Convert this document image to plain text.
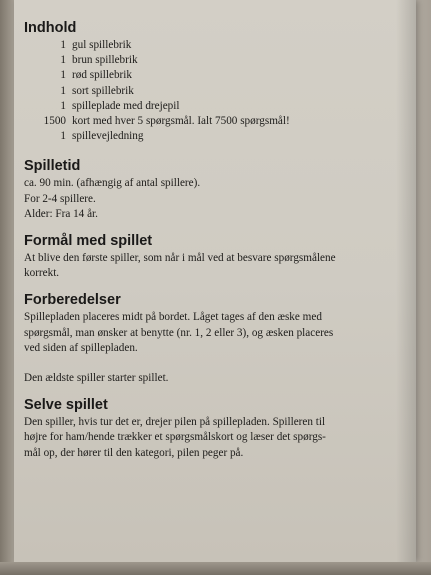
Indhold
1 gul spillebrik
1 brun spillebrik
1 rød spillebrik
1 sort spillebrik
1 spilleplade med drejepil
1500 kort med hver 5 spørgsmål. Ialt 7500 spørgsmål!
1 spillevejledning
Spilletid

ca. 90 min. (afhængig af antal spillere).

For 2-4 spillere.

Alder: Fra 14 år.

Formål med spillet

At blive den første spiller, som når i mål ved at besvare spørgsmålene

korrekt.

Forberedelser

Spillepladen placeres midt på bordet. Låget tages af den æske med

spørgsmål, man ønsker at benytte (nr. 1, 2 eller 3), og æsken placeres

ved siden af spillepladen.

Den ældste spiller starter spillet.

Selve spillet

Den spiller, hvis tur det er, drejer pilen på spillepladen. Spilleren til

højre for ham/hende trækker et spørgsmålskort og læser det spørgs-

mål op, der hører til den kategori, pilen peger på.
